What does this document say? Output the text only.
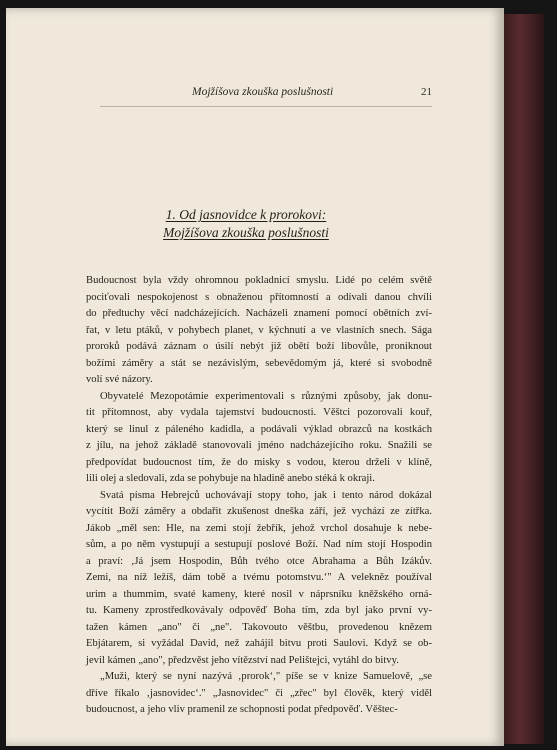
Mojžíšova zkouška poslušnosti	21
1. Od jasnovidce k prorokovi:
Mojžíšova zkouška poslušnosti

Budoucnost byla vždy ohromnou pokladnicí smyslu. Lidé po celém světě
pociťovali nespokojenost s obnaženou přítomností a odívali danou chvíli
do předtuchy věcí nadcházejících. Nacházeli znamení pomocí obětních zví-
řat, v letu ptáků, v pohybech planet, v kýchnutí a ve vlastních snech. Sága
proroků podává záznam o úsilí nebýt již obětí boží libovůle, proniknout
božími záměry a stát se nezávislým, sebevědomým já, které si svobodně
volí své názory.

Obyvatelé Mezopotámie experimentovali s různými způsoby, jak donu-
tit přítomnost, aby vydala tajemství budoucnosti. Věštci pozorovali kouř,
který se linul z páleného kadidla, a podávali výklad obrazců na kostkách
z jílu, na jehož základě stanovovali jméno nadcházejícího roku. Snažili se
předpovídat budoucnost tím, že do misky s vodou, kterou drželi v klíně,
lili olej a sledovali, zda se pohybuje na hladině anebo stéká k okraji.

Svatá písma Hebrejců uchovávají stopy toho, jak i tento národ dokázal
vycítit Boží záměry a obdařit zkušenost dneška září, jež vychází ze zítřka.
Jákob „měl sen: Hle, na zemi stojí žebřík, jehož vrchol dosahuje k nebe-
sům, a po něm vystupují a sestupují poslové Boží. Nad ním stojí Hospodin
a praví: ‚Já jsem Hospodin, Bůh tvého otce Abrahama a Bůh Izákův.
Zemi, na níž ležíš, dám tobě a tvému potomstvu.‘" A velekněz používal
urim a thummim, svaté kameny, které nosil v náprsníku kněžského orná-
tu. Kameny zprostředkovávaly odpověď Boha tím, zda byl jako první vy-
tažen kámen „ano" či „ne". Takovouto věštbu, provedenou knězem
Ebjátarem, si vyžádal David, než zahájil bitvu proti Saulovi. Když se ob-
jevil kámen „ano", předzvěst jeho vítězství nad Pelištejci, vytáhl do bitvy.

„Muži, který se nyní nazývá ‚prorok‘," píše se v knize Samuelově, „se
dříve říkalo ‚jasnovidec‘." „Jasnovidec" či „zřec" byl člověk, který viděl
budoucnost, a jeho vliv pramenil ze schopnosti podat předpověď. Věštec-
